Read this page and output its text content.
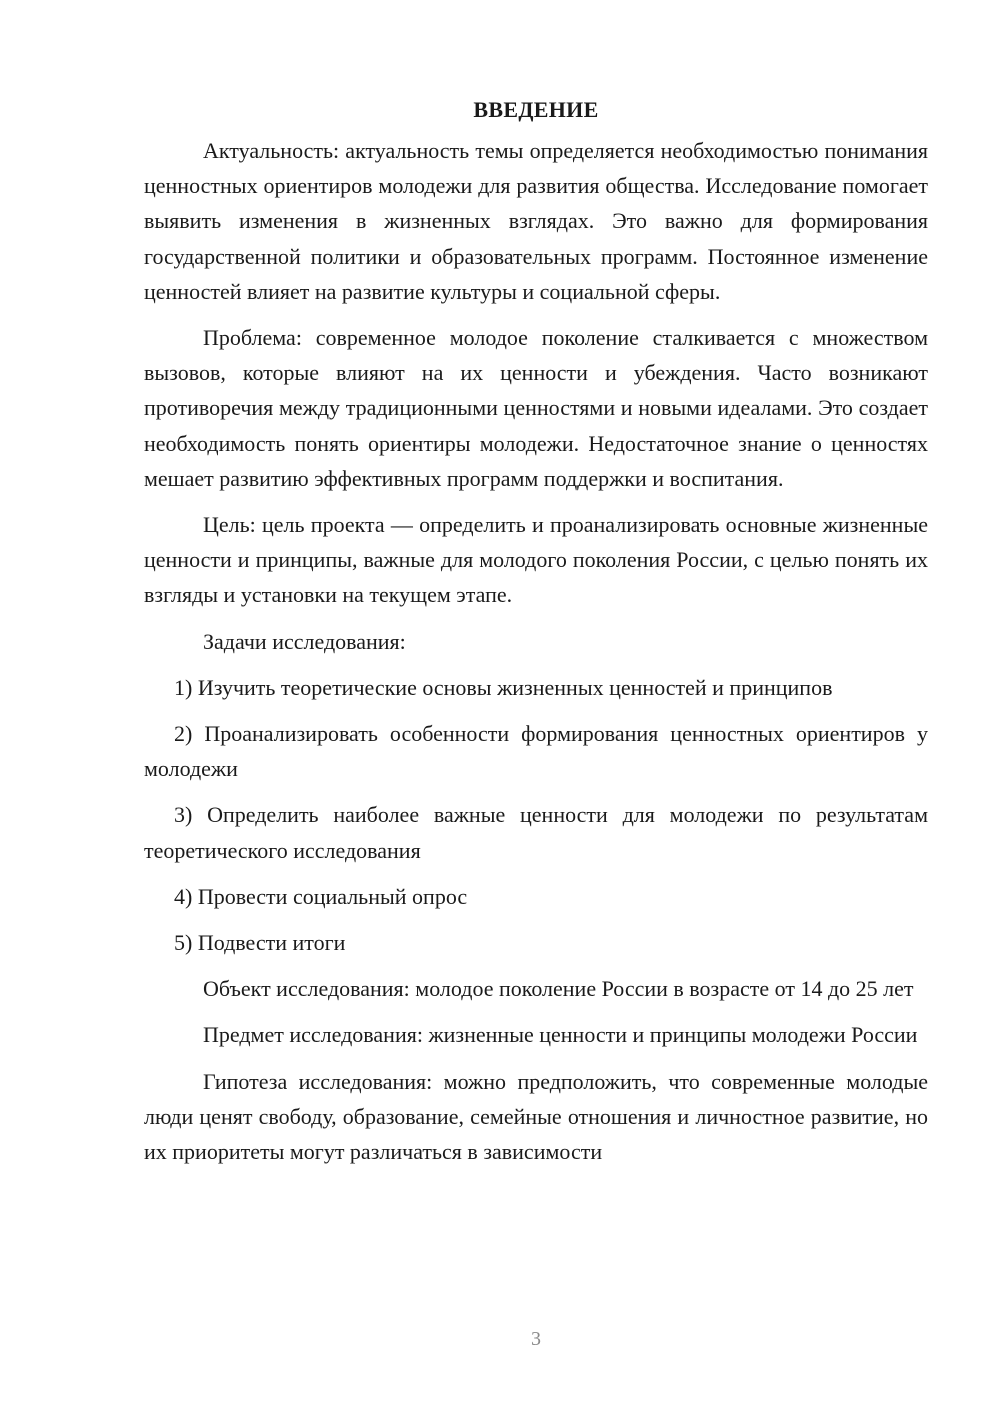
ВВЕДЕНИЕ

Актуальность: актуальность темы определяется необходимостью понимания ценностных ориентиров молодежи для развития общества. Исследование помогает выявить изменения в жизненных взглядах. Это важно для формирования государственной политики и образовательных программ. Постоянное изменение ценностей влияет на развитие культуры и социальной сферы.

Проблема: современное молодое поколение сталкивается с множеством вызовов, которые влияют на их ценности и убеждения. Часто возникают противоречия между традиционными ценностями и новыми идеалами. Это создает необходимость понять ориентиры молодежи. Недостаточное знание о ценностях мешает развитию эффективных программ поддержки и воспитания.

Цель: цель проекта — определить и проанализировать основные жизненные ценности и принципы, важные для молодого поколения России, с целью понять их взгляды и установки на текущем этапе.

Задачи исследования:

1) Изучить теоретические основы жизненных ценностей и принципов

2) Проанализировать особенности формирования ценностных ориентиров у молодежи

3) Определить наиболее важные ценности для молодежи по результатам теоретического исследования

4) Провести социальный опрос

5) Подвести итоги

Объект исследования: молодое поколение России в возрасте от 14 до 25 лет

Предмет исследования: жизненные ценности и принципы молодежи России

Гипотеза исследования: можно предположить, что современные молодые люди ценят свободу, образование, семейные отношения и личностное развитие, но их приоритеты могут различаться в зависимости

3
